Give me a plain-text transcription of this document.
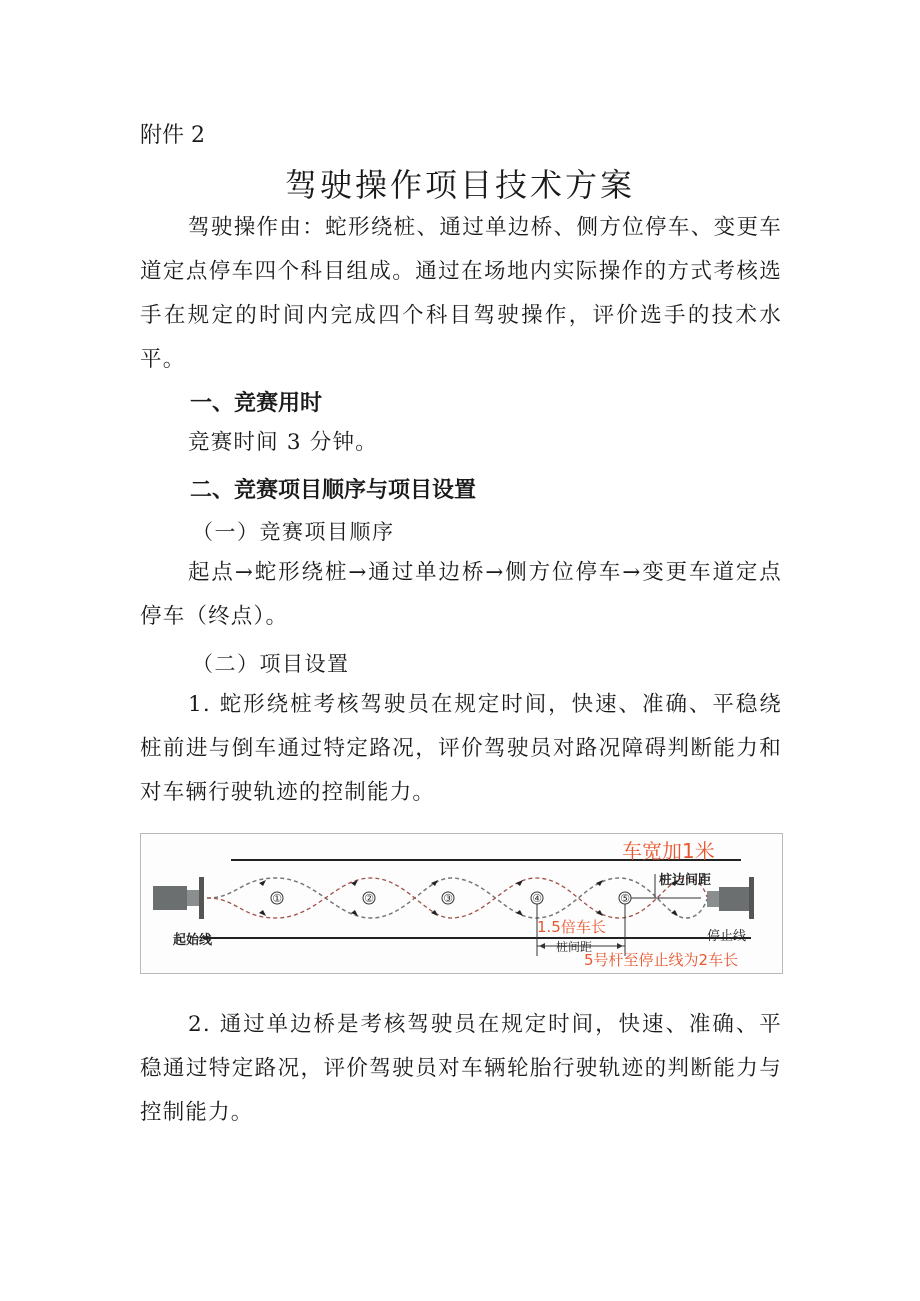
附件 2
驾驶操作项目技术方案
驾驶操作由：蛇形绕桩、通过单边桥、侧方位停车、变更车道定点停车四个科目组成。通过在场地内实际操作的方式考核选手在规定的时间内完成四个科目驾驶操作，评价选手的技术水平。
一、竞赛用时
竞赛时间 3 分钟。
二、竞赛项目顺序与项目设置
（一）竞赛项目顺序
起点→蛇形绕桩→通过单边桥→侧方位停车→变更车道定点停车（终点）。
（二）项目设置
1. 蛇形绕桩考核驾驶员在规定时间，快速、准确、平稳绕桩前进与倒车通过特定路况，评价驾驶员对路况障碍判断能力和对车辆行驶轨迹的控制能力。
①	②	③	④	⑤
车宽加1米
桩边间距
1.5倍车长
桩间距
5号杆至停止线为2车长
起始线	停止线
2. 通过单边桥是考核驾驶员在规定时间，快速、准确、平稳通过特定路况，评价驾驶员对车辆轮胎行驶轨迹的判断能力与控制能力。
